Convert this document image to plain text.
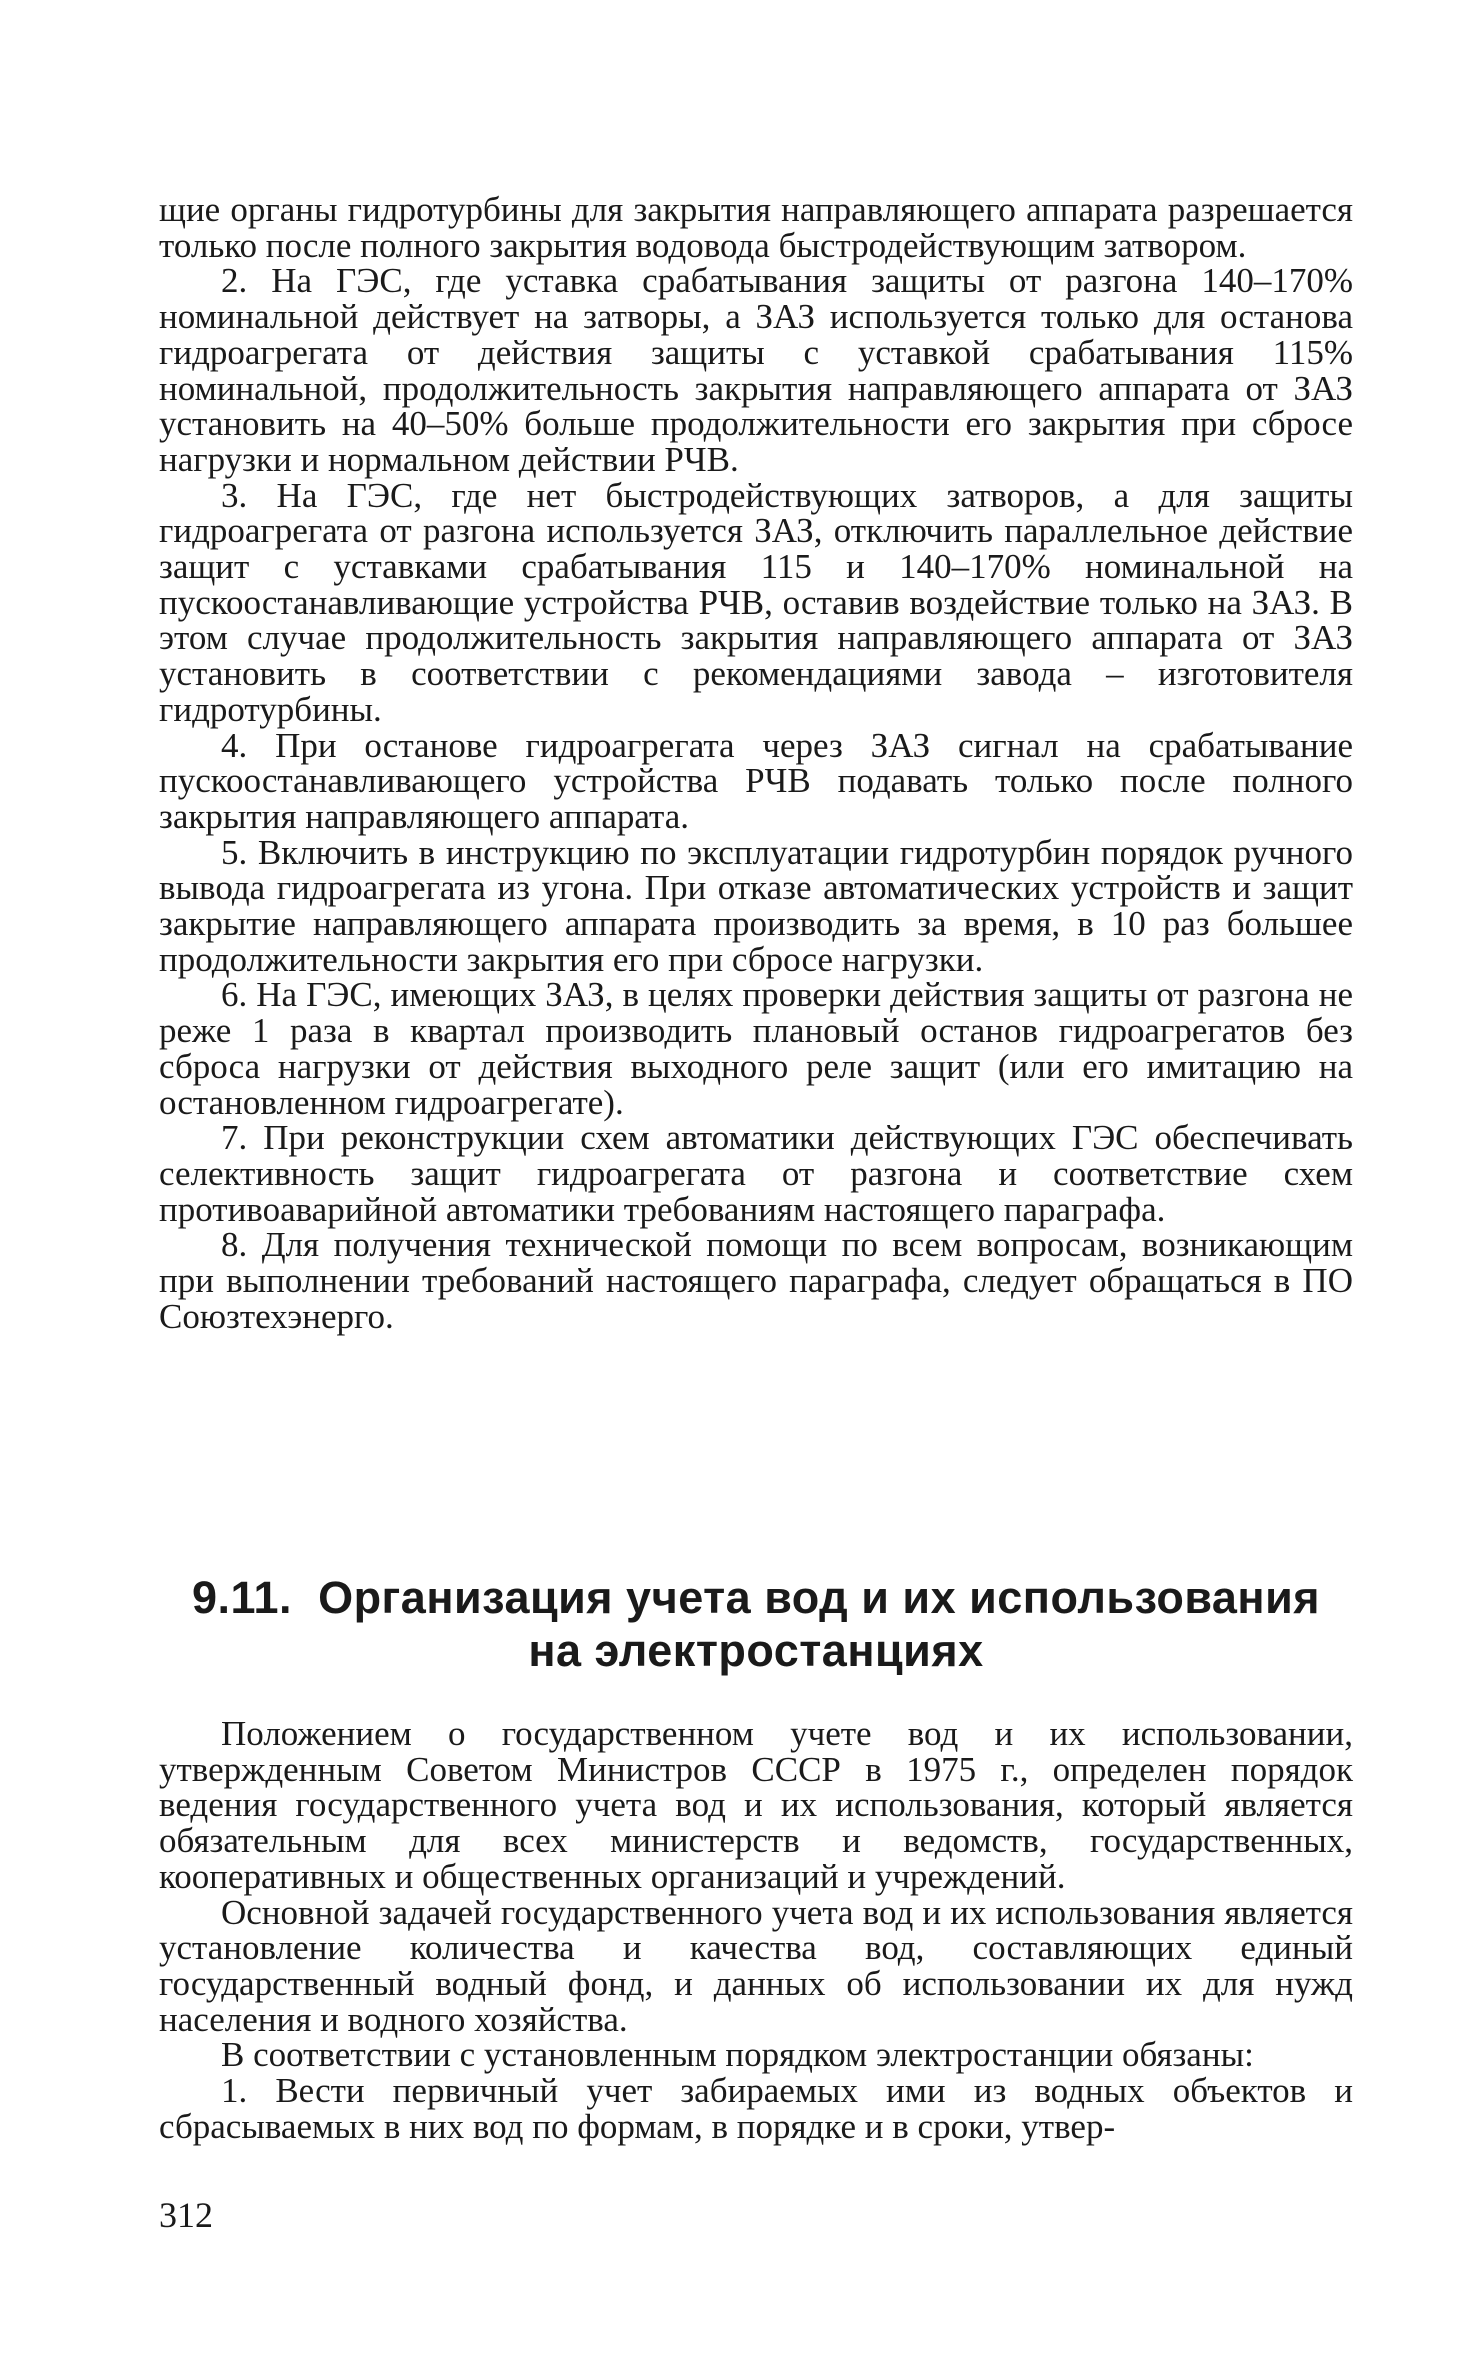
щие органы гидротурбины для закрытия направляющего аппарата разрешается только после полного закрытия водовода быстродействующим затвором.

2. На ГЭС, где уставка срабатывания защиты от разгона 140–170% номинальной действует на затворы, а ЗАЗ используется только для останова гидроагрегата от действия защиты с уставкой срабатывания 115% номинальной, продолжительность закрытия направляющего аппарата от ЗАЗ установить на 40–50% больше продолжительности его закрытия при сбросе нагрузки и нормальном действии РЧВ.

3. На ГЭС, где нет быстродействующих затворов, а для защиты гидроагрегата от разгона используется ЗАЗ, отключить параллельное действие защит с уставками срабатывания 115 и 140–170% номинальной на пускоостанавливающие устройства РЧВ, оставив воздействие только на ЗАЗ. В этом случае продолжительность закрытия направляющего аппарата от ЗАЗ установить в соответствии с рекомендациями завода – изготовителя гидротурбины.

4. При останове гидроагрегата через ЗАЗ сигнал на срабатывание пускоостанавливающего устройства РЧВ подавать только после полного закрытия направляющего аппарата.

5. Включить в инструкцию по эксплуатации гидротурбин порядок ручного вывода гидроагрегата из угона. При отказе автоматических устройств и защит закрытие направляющего аппарата производить за время, в 10 раз большее продолжительности закрытия его при сбросе нагрузки.

6. На ГЭС, имеющих ЗАЗ, в целях проверки действия защиты от разгона не реже 1 раза в квартал производить плановый останов гидроагрегатов без сброса нагрузки от действия выходного реле защит (или его имитацию на остановленном гидроагрегате).

7. При реконструкции схем автоматики действующих ГЭС обеспечивать селективность защит гидроагрегата от разгона и соответствие схем противоаварийной автоматики требованиям настоящего параграфа.

8. Для получения технической помощи по всем вопросам, возникающим при выполнении требований настоящего параграфа, следует обращаться в ПО Союзтехэнерго.

9.11. Организация учета вод и их использования на электростанциях

Положением о государственном учете вод и их использовании, утвержденным Советом Министров СССР в 1975 г., определен порядок ведения государственного учета вод и их использования, который является обязательным для всех министерств и ведомств, государственных, кооперативных и общественных организаций и учреждений.

Основной задачей государственного учета вод и их использования является установление количества и качества вод, составляющих единый государственный водный фонд, и данных об использовании их для нужд населения и водного хозяйства.

В соответствии с установленным порядком электростанции обязаны:

1. Вести первичный учет забираемых ими из водных объектов и сбрасываемых в них вод по формам, в порядке и в сроки, утвер-

312
